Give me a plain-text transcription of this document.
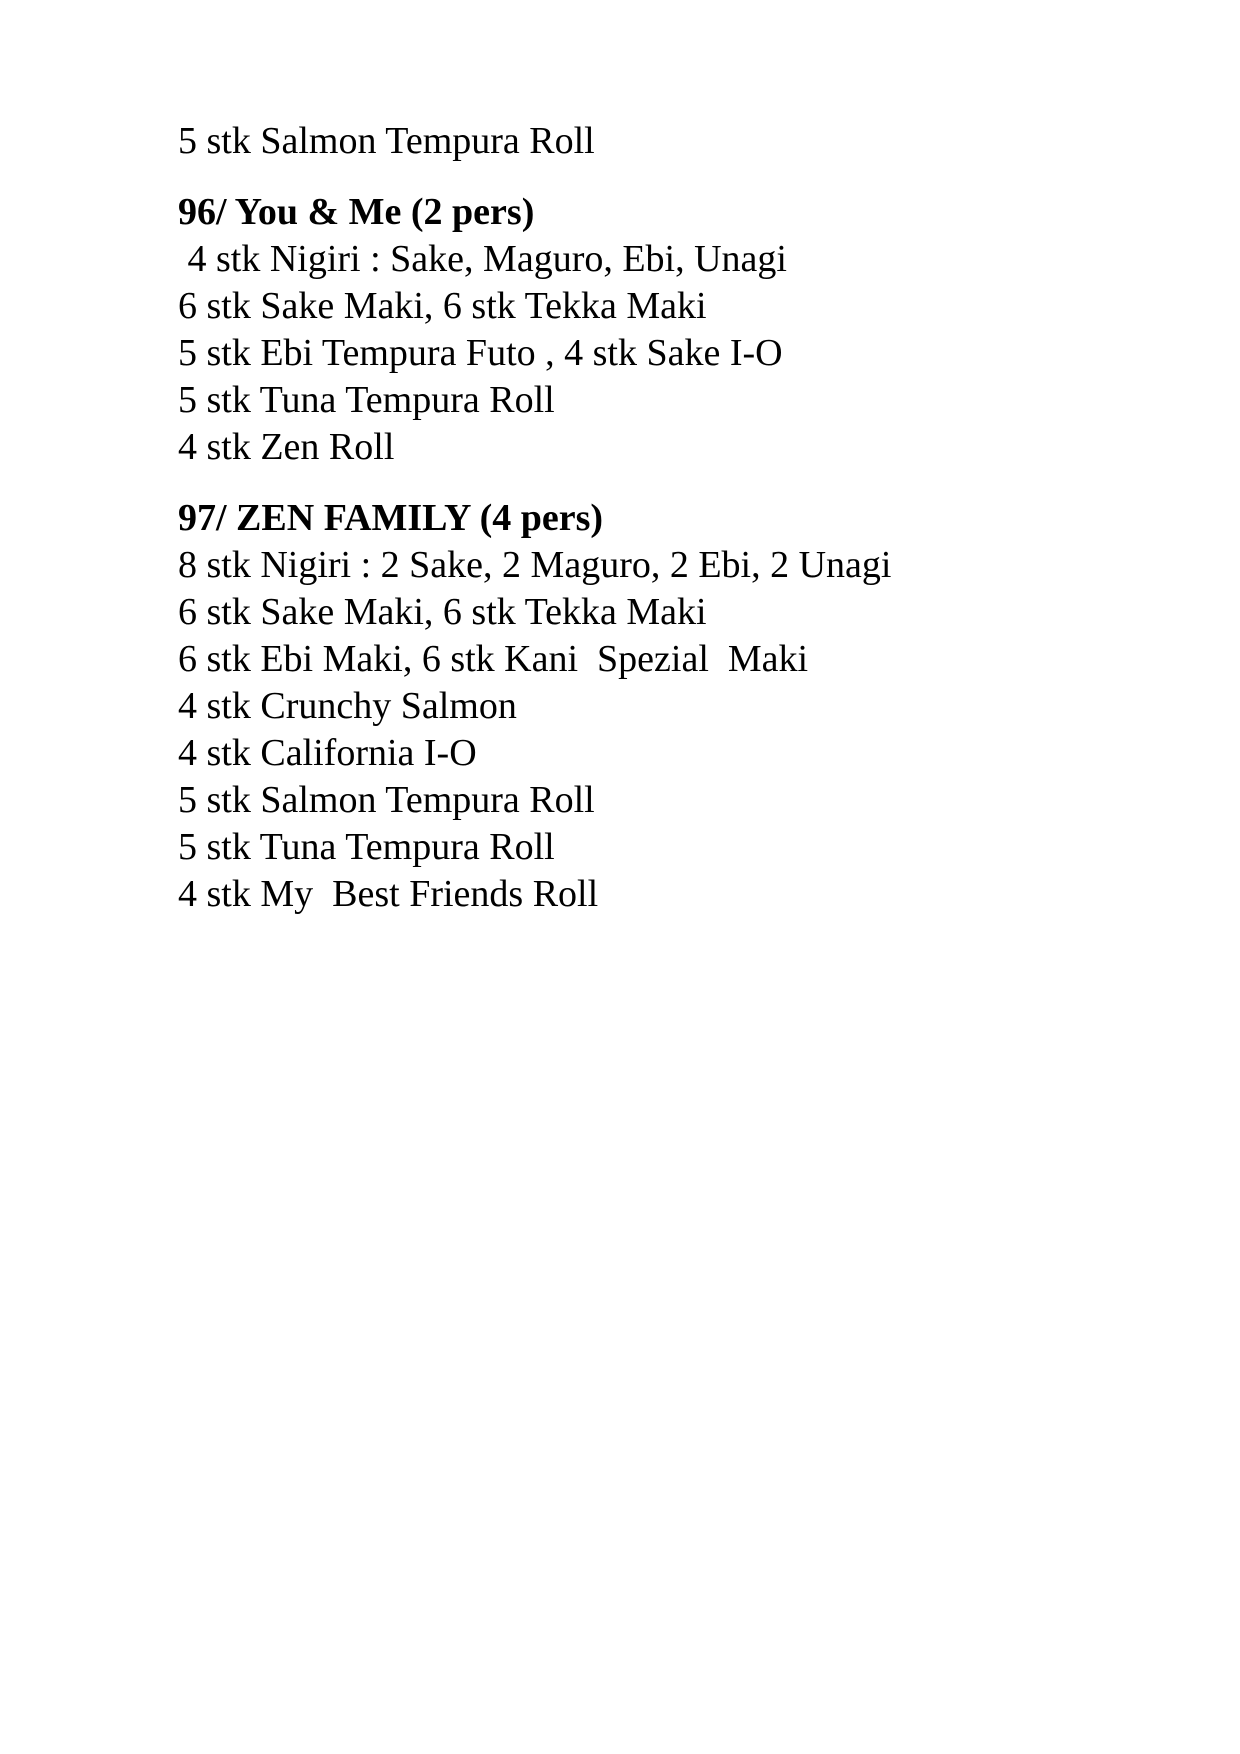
5 stk Salmon Tempura Roll

96/ You & Me (2 pers)

4 stk Nigiri : Sake, Maguro, Ebi, Unagi

6 stk Sake Maki, 6 stk Tekka Maki

5 stk Ebi Tempura Futo , 4 stk Sake I-O

5 stk Tuna Tempura Roll

4 stk Zen Roll

97/ ZEN FAMILY (4 pers)

8 stk Nigiri : 2 Sake, 2 Maguro, 2 Ebi, 2 Unagi

6 stk Sake Maki, 6 stk Tekka Maki

6 stk Ebi Maki, 6 stk Kani  Spezial  Maki

4 stk Crunchy Salmon

4 stk California I-O

5 stk Salmon Tempura Roll

5 stk Tuna Tempura Roll

4 stk My  Best Friends Roll
